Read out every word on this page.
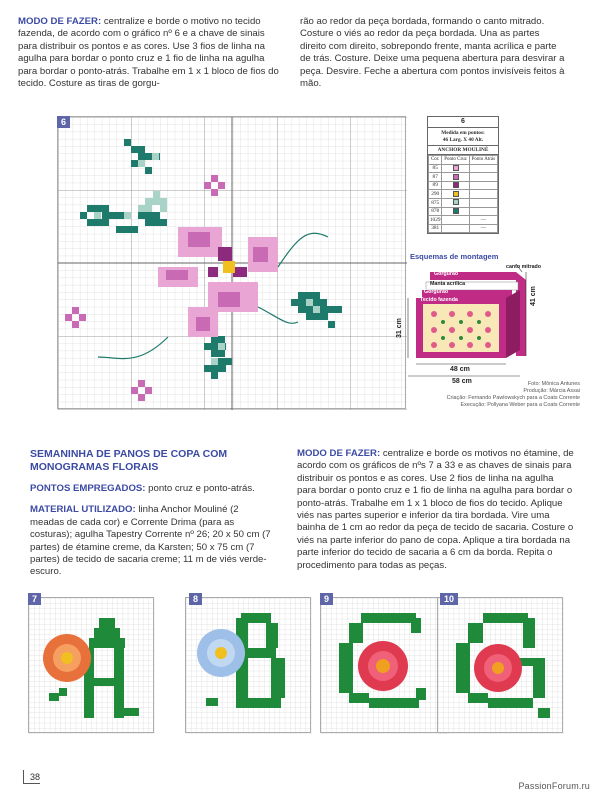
MODO DE FAZER: centralize e borde o motivo no tecido fazenda, de acordo com o gráfico nº 6 e a chave de sinais para distribuir os pontos e as cores. Use 3 fios de linha na agulha para bordar o ponto cruz e 1 fio de linha na agulha para bordar o ponto-atrás. Trabalhe em 1 x 1 bloco de fios do tecido. Costure as tiras de gorgu-
rão ao redor da peça bordada, formando o canto mitrado. Costure o viés ao redor da peça bordada. Una as partes direito com direito, sobrepondo frente, manta acrílica e parte de trás. Costure. Deixe uma pequena abertura para desvirar a peça. Desvire. Feche a abertura com pontos invisíveis feitos à mão.
6	6
Medida em pontos:
46 Larg. X 40 Alt.
ANCHOR MOULINÉ
Cor.	Ponto Cruz	Ponto Atrás
85		
87		
89		
290		
875		
878		
1029		—
381		—
Esquemas de montagem
canto mitrado
Gorgurão
Manta acrílica
Gorgurão
Tecido fazenda	41 cm
31 cm
48 cm
58 cm	Foto: Mônica Antunes
Produção: Márcia Assai
Criação: Fernando Pawlowsky​ch para a Coats Corrente
Execução: Pollyana Weber para a Coats Corrente
SEMANINHA DE PANOS DE COPA COM MONOGRAMAS FLORAIS
PONTOS EMPREGADOS: ponto cruz e ponto-atrás.
MATERIAL UTILIZADO: linha Anchor Mouliné (2 meadas de cada cor) e Corrente Drima (para as costuras); agulha Tapestry Corrente nº 26; 20 x 50 cm (7 partes) de étamine creme, da Karsten; 50 x 75 cm (7 partes) de tecido de sacaria creme; 11 m de viés verde-escuro.
MODO DE FAZER: centralize e borde os motivos no étamine, de acordo com os gráficos de nºs 7 a 33 e as chaves de sinais para distribuir os pontos e as cores. Use 2 fios de linha na agulha para bordar o ponto cruz e 1 fio de linha na agulha para bordar o ponto-atrás. Trabalhe em 1 x 1 bloco de fios do tecido. Aplique viés nas partes superior e inferior da tira bordada. Vire uma bainha de 1 cm ao redor da peça de tecido de sacaria. Costure o viés na parte inferior do pano de copa. Aplique a tira bordada na parte inferior do tecido de sacaria a 6 cm da borda. Repita o procedimento para todas as peças.
7	8	9	10
38
PassionForum.ru
